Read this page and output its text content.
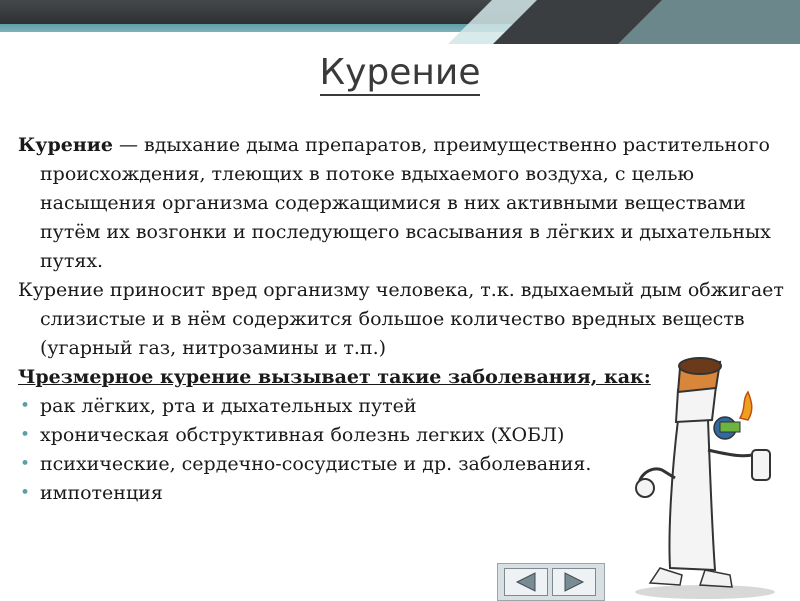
Курение

Курение — вдыхание дыма препаратов, преимущественно растительного происхождения, тлеющих в потоке вдыхаемого воздуха, с целью насыщения организма содержащимися в них активными веществами путём их возгонки и последующего всасывания в лёгких и дыхательных путях.

Курение приносит вред организму человека, т.к. вдыхаемый дым обжигает слизистые и в нём содержится большое количество вредных веществ (угарный газ, нитрозамины и т.п.)

Чрезмерное курение вызывает такие заболевания, как:

• рак лёгких, рта и дыхательных путей
• хроническая обструктивная болезнь легких (ХОБЛ)
• психические, сердечно-сосудистые и др. заболевания.
• импотенция
